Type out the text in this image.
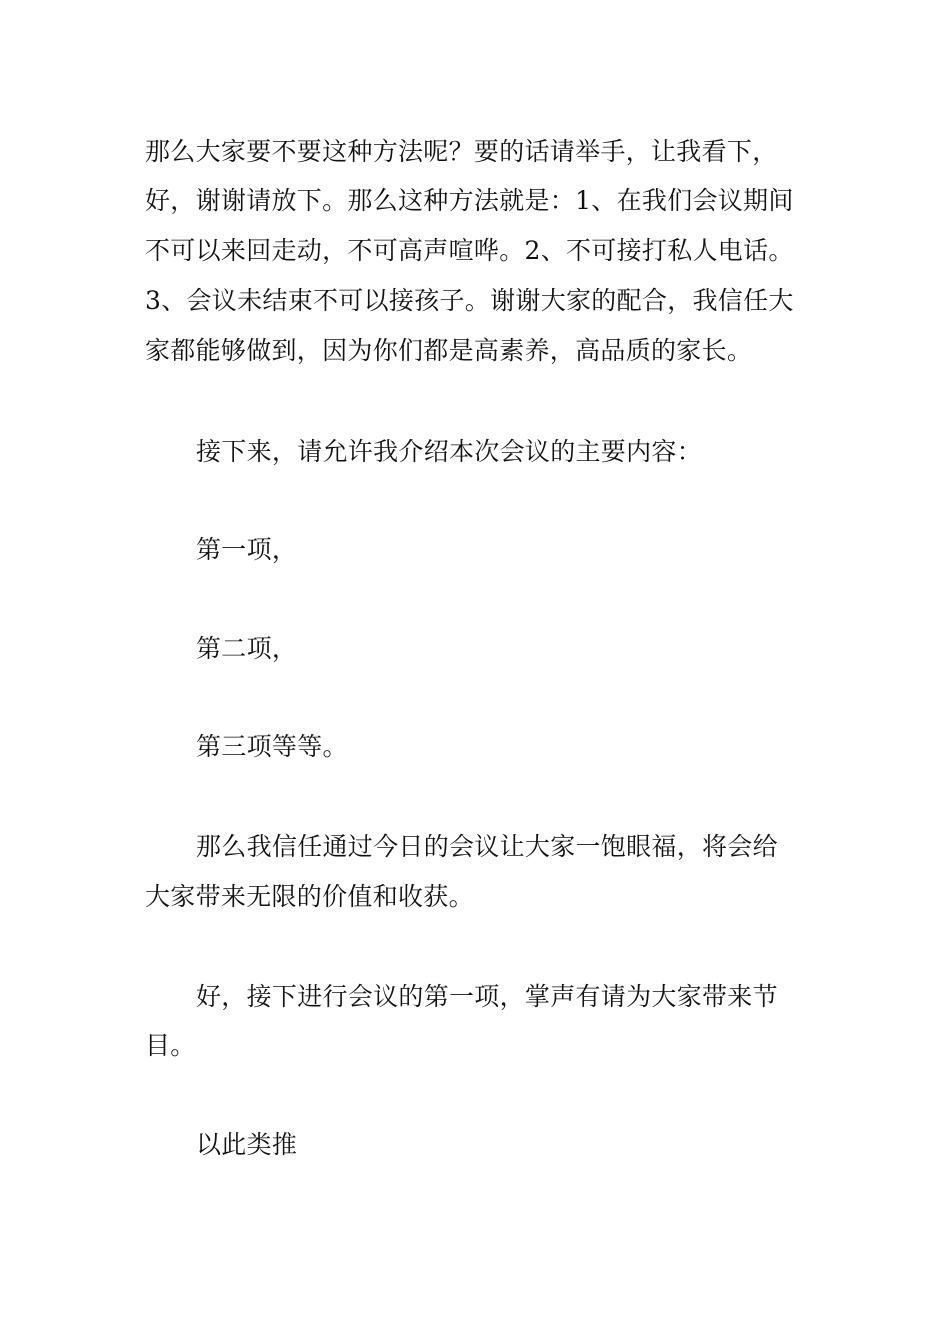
那么大家要不要这种方法呢？要的话请举手，让我看下，
好，谢谢请放下。那么这种方法就是：1、在我们会议期间
不可以来回走动，不可高声喧哗。2、不可接打私人电话。
3、会议未结束不可以接孩子。谢谢大家的配合，我信任大
家都能够做到，因为你们都是高素养，高品质的家长。
接下来，请允许我介绍本次会议的主要内容：
第一项，
第二项，
第三项等等。
那么我信任通过今日的会议让大家一饱眼福，将会给
大家带来无限的价值和收获。
好，接下进行会议的第一项，掌声有请为大家带来节
目。
以此类推
